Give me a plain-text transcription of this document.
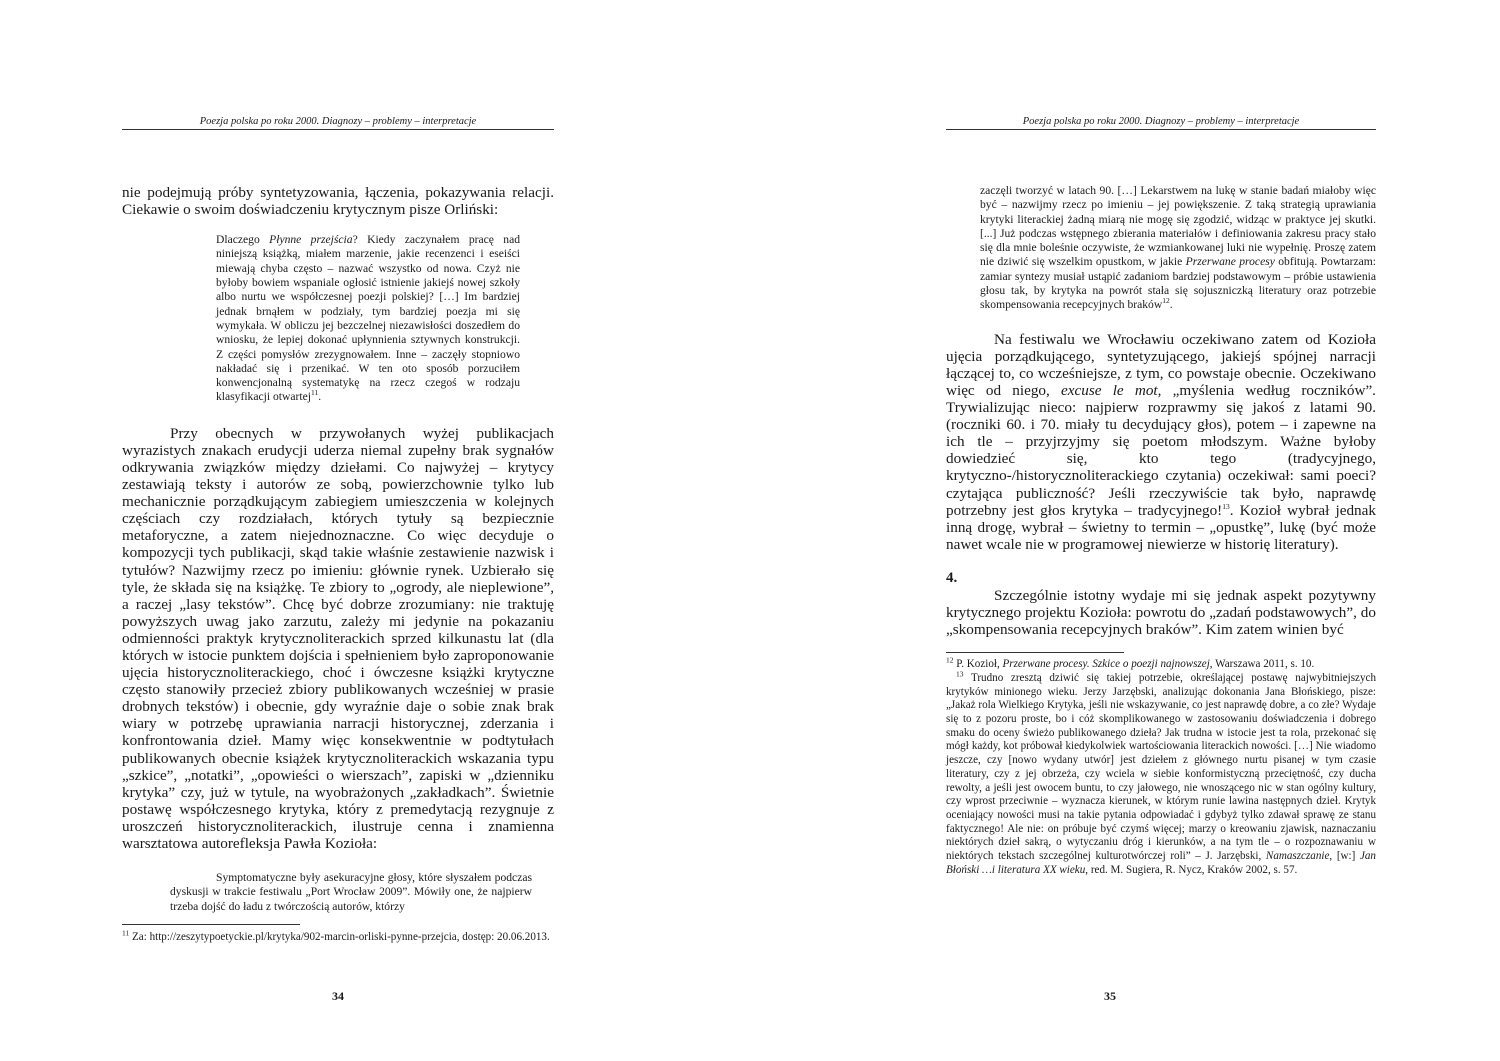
Poezja polska po roku 2000. Diagnozy – problemy – interpretacje

nie podejmują próby syntetyzowania, łączenia, pokazywania relacji. Ciekawie o swoim doświadczeniu krytycznym pisze Orliński:

Dlaczego Płynne przejścia? Kiedy zaczynałem pracę nad niniejszą książką, miałem marzenie, jakie recenzenci i eseiści miewają chyba często – nazwać wszystko od nowa. Czyż nie byłoby bowiem wspaniale ogłosić istnienie jakiejś nowej szkoły albo nurtu we współczesnej poezji polskiej? […] Im bardziej jednak brnąłem w podziały, tym bardziej poezja mi się wymykała. W obliczu jej bezczelnej niezawisłości doszedłem do wniosku, że lepiej dokonać upłynnienia sztywnych konstrukcji. Z części pomysłów zrezygnowałem. Inne – zaczęły stopniowo nakładać się i przenikać. W ten oto sposób porzuciłem konwencjonalną systematykę na rzecz czegoś w rodzaju klasyfikacji otwartej$^{11}$.

Przy obecnych w przywołanych wyżej publikacjach wyrazistych znakach erudycji uderza niemal zupełny brak sygnałów odkrywania związków między dziełami. Co najwyżej – krytycy zestawiają teksty i autorów ze sobą, powierzchownie tylko lub mechanicznie porządkującym zabiegiem umieszczenia w kolejnych częściach czy rozdziałach, których tytuły są bezpiecznie metaforyczne, a zatem niejednoznaczne. Co więc decyduje o kompozycji tych publikacji, skąd takie właśnie zestawienie nazwisk i tytułów? Nazwijmy rzecz po imieniu: głównie rynek. Uzbierało się tyle, że składa się na książkę. Te zbiory to „ogrody, ale nieplewione”, a raczej „lasy tekstów”. Chcę być dobrze zrozumiany: nie traktuję powyższych uwag jako zarzutu, zależy mi jedynie na pokazaniu odmienności praktyk krytycznoliterackich sprzed kilkunastu lat (dla których w istocie punktem dojścia i spełnieniem było zaproponowanie ujęcia historycznoliterackiego, choć i ówczesne książki krytyczne często stanowiły przecież zbiory publikowanych wcześniej w prasie drobnych tekstów) i obecnie, gdy wyraźnie daje o sobie znak brak wiary w potrzebę uprawiania narracji historycznej, zderzania i konfrontowania dzieł. Mamy więc konsekwentnie w podtytułach publikowanych obecnie książek krytycznoliterackich wskazania typu „szkice”, „notatki”, „opowieści o wierszach”, zapiski w „dzienniku krytyka” czy, już w tytule, na wyobrażonych „zakładkach”. Świetnie postawę współczesnego krytyka, który z premedytacją rezygnuje z uroszczeń historycznoliterackich, ilustruje cenna i znamienna warsztatowa autorefleksja Pawła Kozioła:

Symptomatyczne były asekuracyjne głosy, które słyszałem podczas dyskusji w trakcie festiwalu „Port Wrocław 2009”. Mówiły one, że najpierw trzeba dojść do ładu z twórczością autorów, którzy

$^{11}$ Za: http://zeszytypoetyckie.pl/krytyka/902-marcin-orliski-pynne-przejcia, dostęp: 20.06.2013.

34
Poezja polska po roku 2000. Diagnozy – problemy – interpretacje

zaczęli tworzyć w latach 90. […] Lekarstwem na lukę w stanie badań miałoby więc być – nazwijmy rzecz po imieniu – jej powiększenie. Z taką strategią uprawiania krytyki literackiej żadną miarą nie mogę się zgodzić, widząc w praktyce jej skutki. [...] Już podczas wstępnego zbierania materiałów i definiowania zakresu pracy stało się dla mnie boleśnie oczywiste, że wzmiankowanej luki nie wypełnię. Proszę zatem nie dziwić się wszelkim opustkom, w jakie Przerwane procesy obfitują. Powtarzam: zamiar syntezy musiał ustąpić zadaniom bardziej podstawowym – próbie ustawienia głosu tak, by krytyka na powrót stała się sojuszniczką literatury oraz potrzebie skompensowania recepcyjnych braków$^{12}$.

Na festiwalu we Wrocławiu oczekiwano zatem od Kozioła ujęcia porządkującego, syntetyzującego, jakiejś spójnej narracji łączącej to, co wcześniejsze, z tym, co powstaje obecnie. Oczekiwano więc od niego, excuse le mot, „myślenia według roczników”. Trywializując nieco: najpierw rozprawmy się jakoś z latami 90. (roczniki 60. i 70. miały tu decydujący głos), potem – i zapewne na ich tle – przyjrzyjmy się poetom młodszym. Ważne byłoby dowiedzieć się, kto tego (tradycyjnego, krytyczno-/historycznoliterackiego czytania) oczekiwał: sami poeci? czytająca publiczność? Jeśli rzeczywiście tak było, naprawdę potrzebny jest głos krytyka – tradycyjnego!$^{13}$. Kozioł wybrał jednak inną drogę, wybrał – świetny to termin – „opustkę”, lukę (być może nawet wcale nie w programowej niewierze w historię literatury).

4.

Szczególnie istotny wydaje mi się jednak aspekt pozytywny krytycznego projektu Kozioła: powrotu do „zadań podstawowych”, do „skompensowania recepcyjnych braków”. Kim zatem winien być

$^{12}$ P. Kozioł, Przerwane procesy. Szkice o poezji najnowszej, Warszawa 2011, s. 10.

$^{13}$ Trudno zresztą dziwić się takiej potrzebie, określającej postawę najwybitniejszych krytyków minionego wieku. Jerzy Jarzębski, analizując dokonania Jana Błońskiego, pisze: „Jakaż rola Wielkiego Krytyka, jeśli nie wskazywanie, co jest naprawdę dobre, a co złe? Wydaje się to z pozoru proste, bo i cóż skomplikowanego w zastosowaniu doświadczenia i dobrego smaku do oceny świeżo publikowanego dzieła? Jak trudna w istocie jest ta rola, przekonać się mógł każdy, kot próbował kiedykolwiek wartościowania literackich nowości. […] Nie wiadomo jeszcze, czy [nowo wydany utwór] jest dziełem z głównego nurtu pisanej w tym czasie literatury, czy z jej obrzeża, czy wciela w siebie konformistyczną przeciętność, czy ducha rewolty, a jeśli jest owocem buntu, to czy jałowego, nie wnoszącego nic w stan ogólny kultury, czy wprost przeciwnie – wyznacza kierunek, w którym runie lawina następnych dzieł. Krytyk oceniający nowości musi na takie pytania odpowiadać i gdybyż tylko zdawał sprawę ze stanu faktycznego! Ale nie: on próbuje być czymś więcej; marzy o kreowaniu zjawisk, naznaczaniu niektórych dzieł sakrą, o wytyczaniu dróg i kierunków, a na tym tle – o rozpoznawaniu w niektórych tekstach szczególnej kulturotwórczej roli” – J. Jarzębski, Namaszczanie, [w:] Jan Błoński …i literatura XX wieku, red. M. Sugiera, R. Nycz, Kraków 2002, s. 57.

35
